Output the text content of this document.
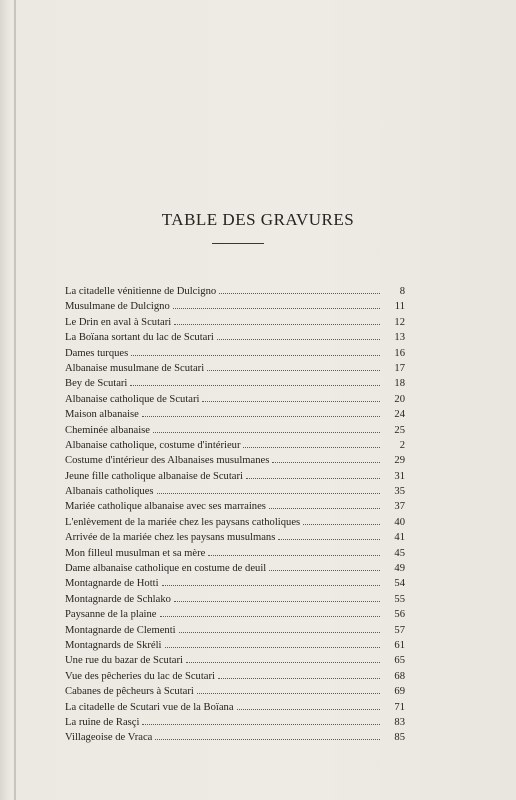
TABLE DES GRAVURES
La citadelle vénitienne de Dulcigno	8
Musulmane de Dulcigno	11
Le Drin en aval à Scutari	12
La Boïana sortant du lac de Scutari	13
Dames turques	16
Albanaise musulmane de Scutari	17
Bey de Scutari	18
Albanaise catholique de Scutari	20
Maison albanaise	24
Cheminée albanaise	25
Albanaise catholique, costume d'intérieur	2
Costume d'intérieur des Albanaises musulmanes	29
Jeune fille catholique albanaise de Scutari	31
Albanais catholiques	35
Mariée catholique albanaise avec ses marraines	37
L'enlèvement de la mariée chez les paysans catholiques	40
Arrivée de la mariée chez les paysans musulmans	41
Mon filleul musulman et sa mère	45
Dame albanaise catholique en costume de deuil	49
Montagnarde de Hotti	54
Montagnarde de Schlako	55
Paysanne de la plaine	56
Montagnarde de Clementi	57
Montagnards de Skréli	61
Une rue du bazar de Scutari	65
Vue des pêcheries du lac de Scutari	68
Cabanes de pêcheurs à Scutari	69
La citadelle de Scutari vue de la Boïana	71
La ruine de Rasçi	83
Villageoise de Vraca	85
